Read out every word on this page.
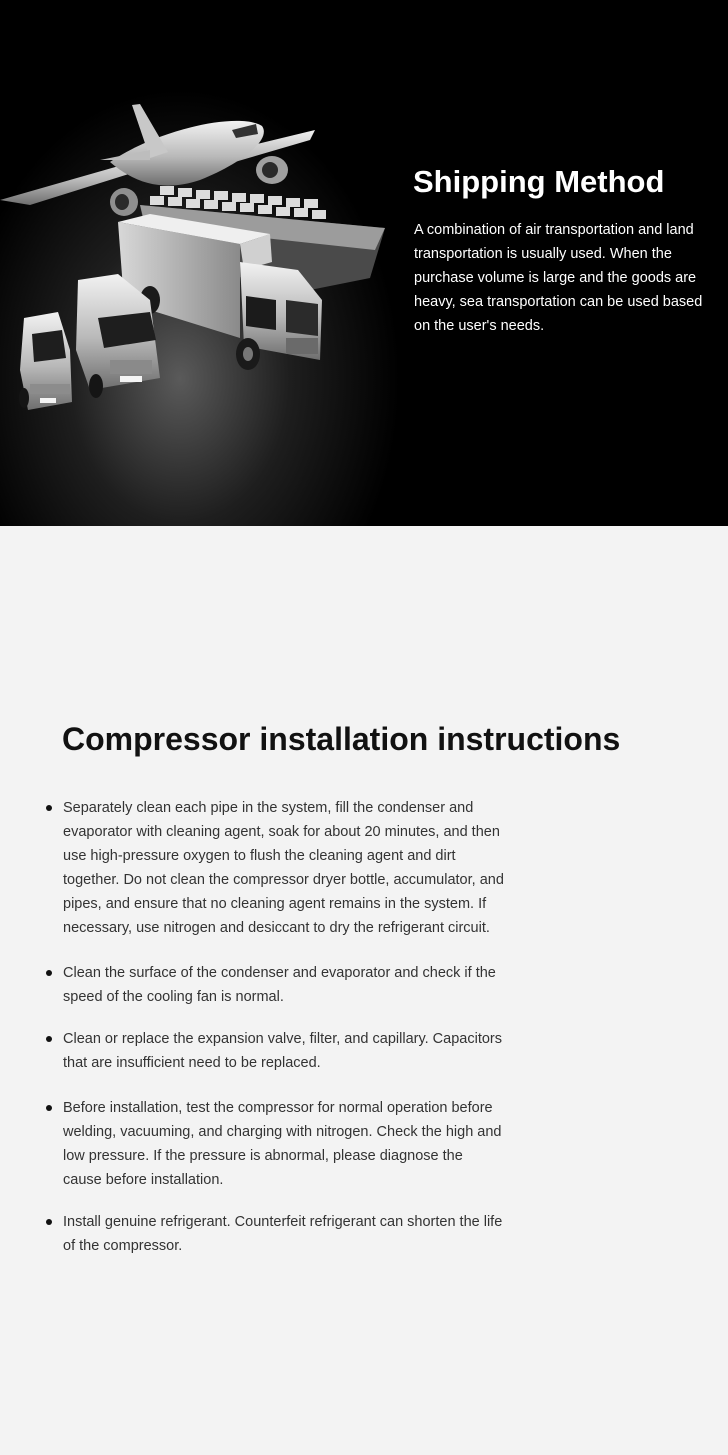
Shipping Method

A combination of air transportation and land transportation is usually used. When the purchase volume is large and the goods are heavy, sea transportation can be used based on the user's needs.

Compressor installation instructions
Separately clean each pipe in the system, fill the condenser and evaporator with cleaning agent, soak for about 20 minutes, and then use high-pressure oxygen to flush the cleaning agent and dirt together. Do not clean the compressor dryer bottle, accumulator, and pipes, and ensure that no cleaning agent remains in the system. If necessary, use nitrogen and desiccant to dry the refrigerant circuit.
Clean the surface of the condenser and evaporator and check if the speed of the cooling fan is normal.
Clean or replace the expansion valve, filter, and capillary. Capacitors that are insufficient need to be replaced.
Before installation, test the compressor for normal operation before welding, vacuuming, and charging with nitrogen. Check the high and low pressure. If the pressure is abnormal, please diagnose the cause before installation.
Install genuine refrigerant. Counterfeit refrigerant can shorten the life of the compressor.
